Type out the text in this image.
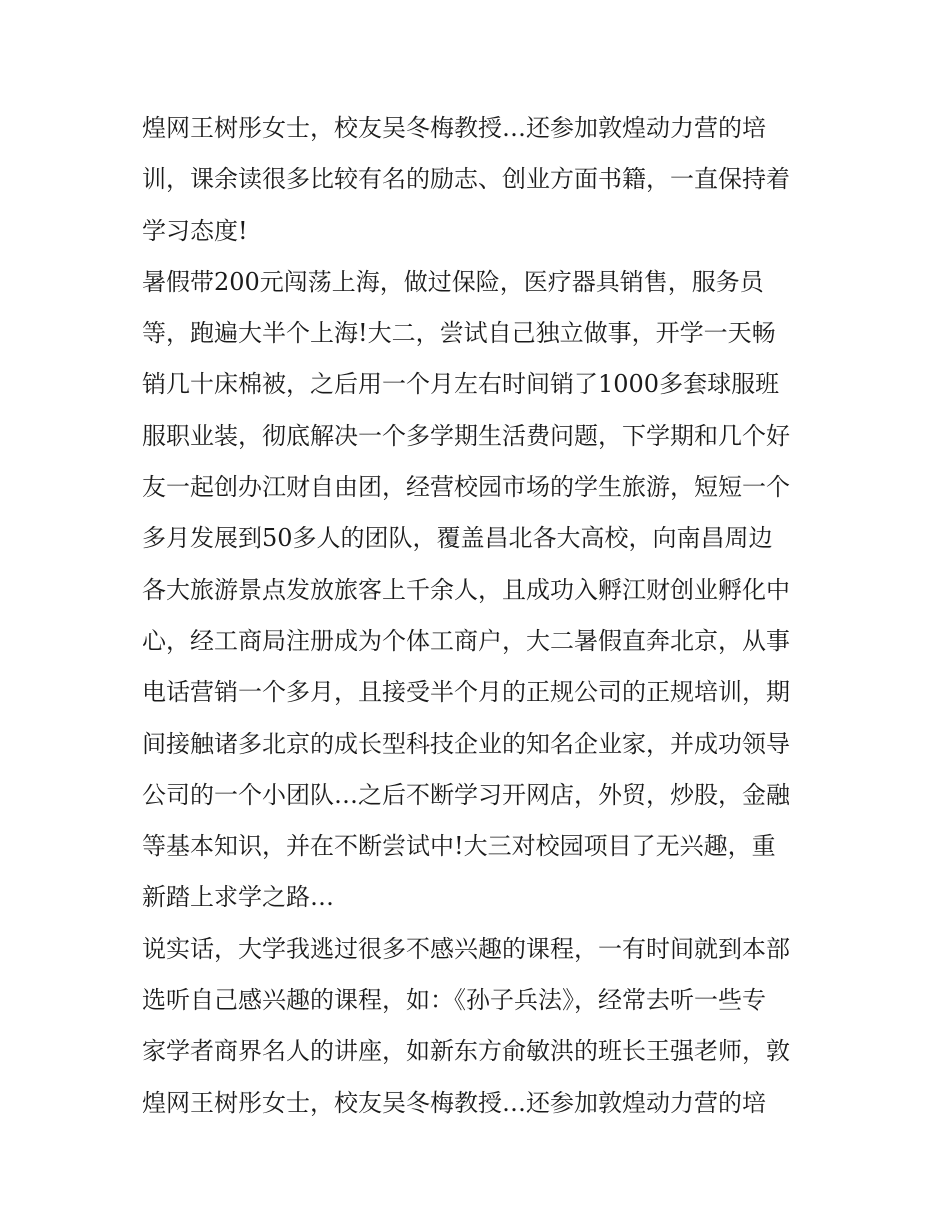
煌网王树彤女士，校友吴冬梅教授…还参加敦煌动力营的培
训，课余读很多比较有名的励志、创业方面书籍，一直保持着
学习态度!
暑假带200元闯荡上海，做过保险，医疗器具销售，服务员
等，跑遍大半个上海!大二，尝试自己独立做事，开学一天畅
销几十床棉被，之后用一个月左右时间销了1000多套球服班
服职业装，彻底解决一个多学期生活费问题，下学期和几个好
友一起创办江财自由团，经营校园市场的学生旅游，短短一个
多月发展到50多人的团队，覆盖昌北各大高校，向南昌周边
各大旅游景点发放旅客上千余人，且成功入孵江财创业孵化中
心，经工商局注册成为个体工商户，大二暑假直奔北京，从事
电话营销一个多月，且接受半个月的正规公司的正规培训，期
间接触诸多北京的成长型科技企业的知名企业家，并成功领导
公司的一个小团队…之后不断学习开网店，外贸，炒股，金融
等基本知识，并在不断尝试中!大三对校园项目了无兴趣，重
新踏上求学之路…
说实话，大学我逃过很多不感兴趣的课程，一有时间就到本部
选听自己感兴趣的课程，如：《孙子兵法》，经常去听一些专
家学者商界名人的讲座，如新东方俞敏洪的班长王强老师，敦
煌网王树彤女士，校友吴冬梅教授…还参加敦煌动力营的培
